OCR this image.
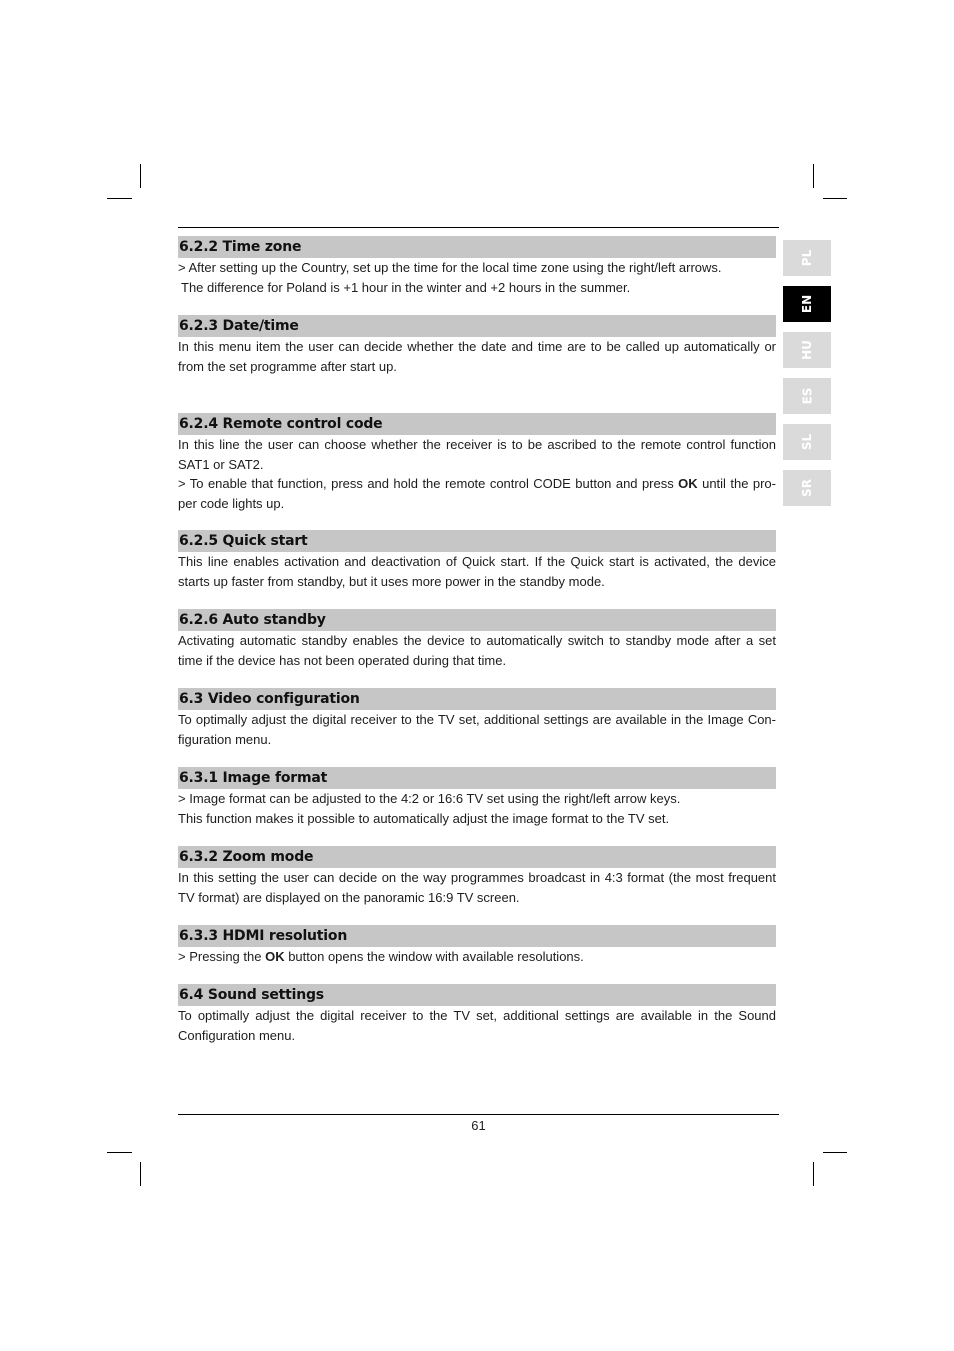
PL
EN
HU
ES
SL
SR
6.2.2 Time zone

> After setting up the Country, set up the time for the local time zone using the right/left arrows.

The difference for Poland is +1 hour in the winter and +2 hours in the summer.

6.2.3 Date/time

In this menu item the user can decide whether the date and time are to be called up automatically or from the set programme after start up.

6.2.4 Remote control code

In this line the user can choose whether the receiver is to be ascribed to the remote control function SAT1 or SAT2.

> To enable that function, press and hold the remote control CODE button and press OK until the pro-per code lights up.

6.2.5 Quick start

This line enables activation and deactivation of Quick start. If the Quick start is activated, the device starts up faster from standby, but it uses more power in the standby mode.

6.2.6 Auto standby

Activating automatic standby enables the device to automatically switch to standby mode after a set time if the device has not been operated during that time.

6.3 Video configuration

To optimally adjust the digital receiver to the TV set, additional settings are available in the Image Con-figuration menu.

6.3.1 Image format

> Image format can be adjusted to the 4:2 or 16:6 TV set using the right/left arrow keys.

This function makes it possible to automatically adjust the image format to the TV set.

6.3.2 Zoom mode

In this setting the user can decide on the way programmes broadcast in 4:3 format (the most frequent TV format) are displayed on the panoramic 16:9 TV screen.

6.3.3 HDMI resolution

> Pressing the OK button opens the window with available resolutions.

6.4 Sound settings

To optimally adjust the digital receiver to the TV set, additional settings are available in the Sound Configuration menu.

61
